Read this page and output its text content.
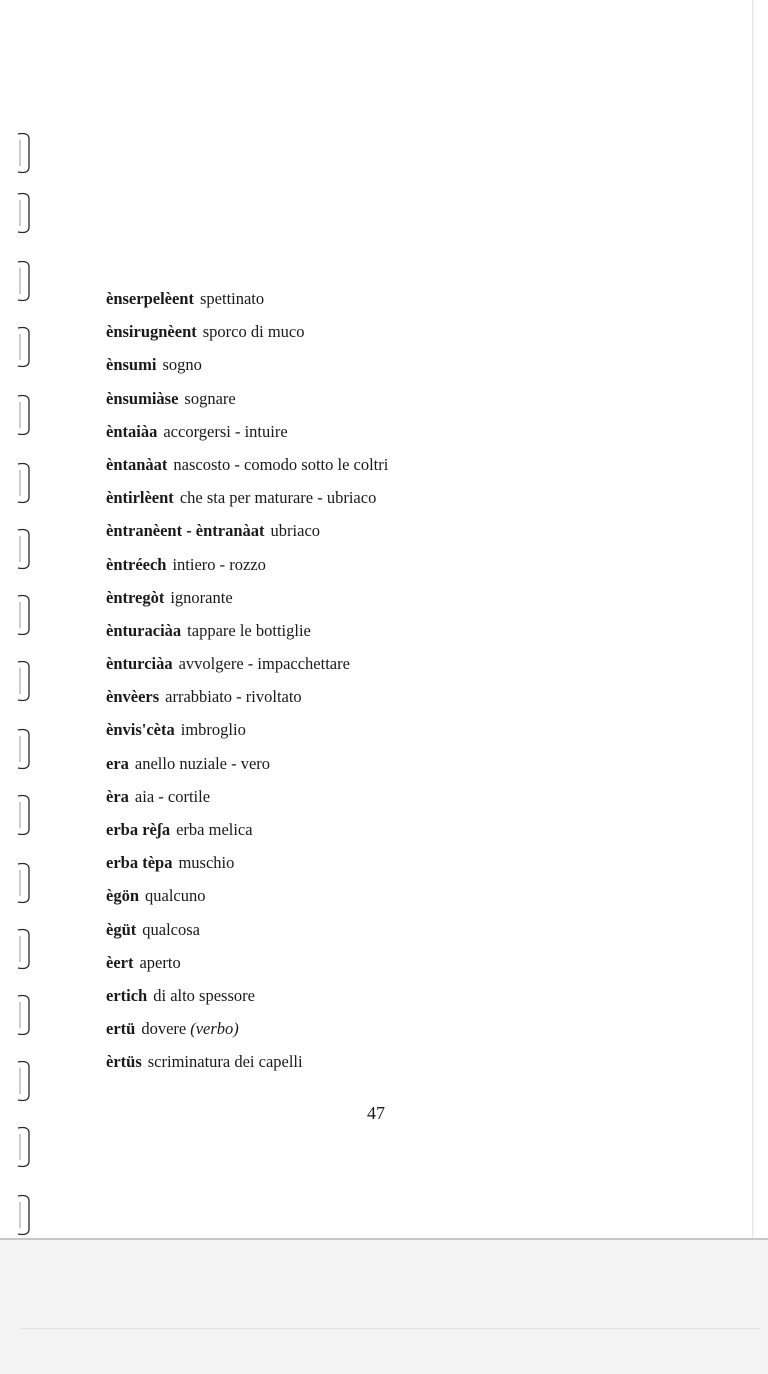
ènserpelèent spettinato
ènsirugnèent sporco di muco
ènsumi sogno
ènsumiàse sognare
èntaiàa accorgersi - intuire
èntanàat nascosto - comodo sotto le coltri
èntirlèent che sta per maturare - ubriaco
èntranèent - èntranàat ubriaco
èntréech intiero - rozzo
èntregòt ignorante
ènturaciàa tappare le bottiglie
ènturciàa avvolgere - impacchettare
ènvèers arrabbiato - rivoltato
ènvis'cèta imbroglio
era anello nuziale - vero
èra aia - cortile
erba rèʃa erba melica
erba tèpa muschio
ègön qualcuno
ègüt qualcosa
èert aperto
ertich di alto spessore
ertü dovere (verbo)
èrtüs scriminatura dei capelli
47
